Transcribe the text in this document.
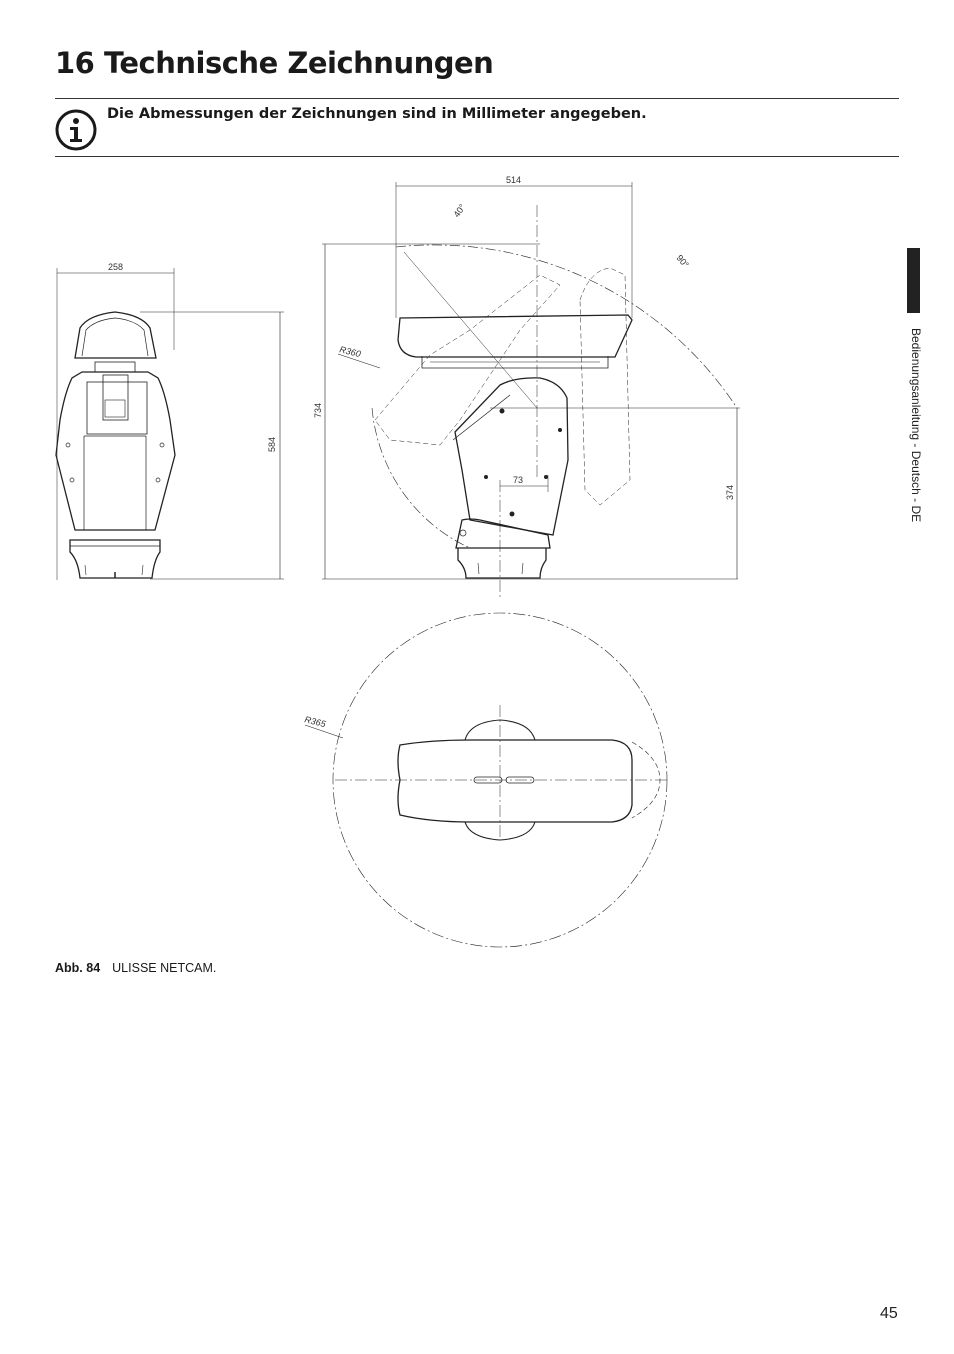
16 Technische Zeichnungen
Die Abmessungen der Zeichnungen sind in Millimeter angegeben.
258
584
514
734
374
R360
40°
90°
73
R365
Abb. 84 ULISSE NETCAM.
Bedienungsanleitung - Deutsch - DE
45
